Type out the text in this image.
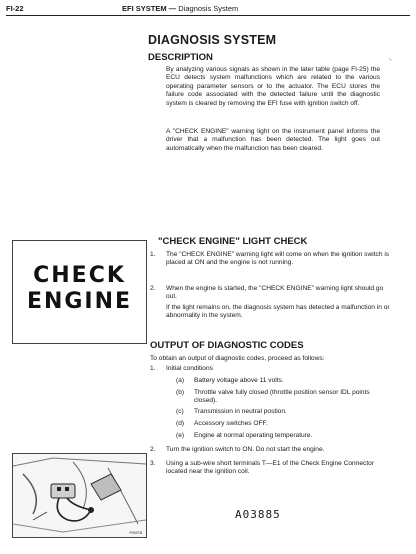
FI-22	EFI SYSTEM — Diagnosis System
DIAGNOSIS SYSTEM
DESCRIPTION	·,
By analyzing various signals as shown in the later table (page FI-25) the ECU detects system malfunctions which are related to the various operating parameter sensors or to the actuator. The ECU stores the failure code associated with the detected failure until the diagnostic system is cleared by removing the EFI fuse with ignition switch off.
A "CHECK ENGINE" warning light on the instrument panel informs the driver that a malfunction has been detected. The light goes out automatically when the malfunction has been cleared.
CHECK
ENGINE
"CHECK ENGINE" LIGHT CHECK
1. The "CHECK ENGINE" warning light will come on when the ignition switch is placed at ON and the engine is not running.
2. When the engine is started, the "CHECK ENGINE" warning light should go out.
If the light remains on, the diagnosis system has detected a malfunction in or abnormality in the system.
OUTPUT OF DIAGNOSTIC CODES
To obtain an output of diagnostic codes, proceed as follows:
1. Initial conditions
(a) Battery voltage above 11 volts.
(b) Throttle valve fully closed (throttle position sensor IDL points closed).
(c) Transmission in neutral postion.
(d) Accessory switches OFF.
(e) Engine at normal operating temperature.
2. Turn the ignition switch to ON. Do not start the engine.
3. Using a sub-wire short terminals T—E1 of the Check Engine Connector located near the ignition coil.
FI0578
A03885
